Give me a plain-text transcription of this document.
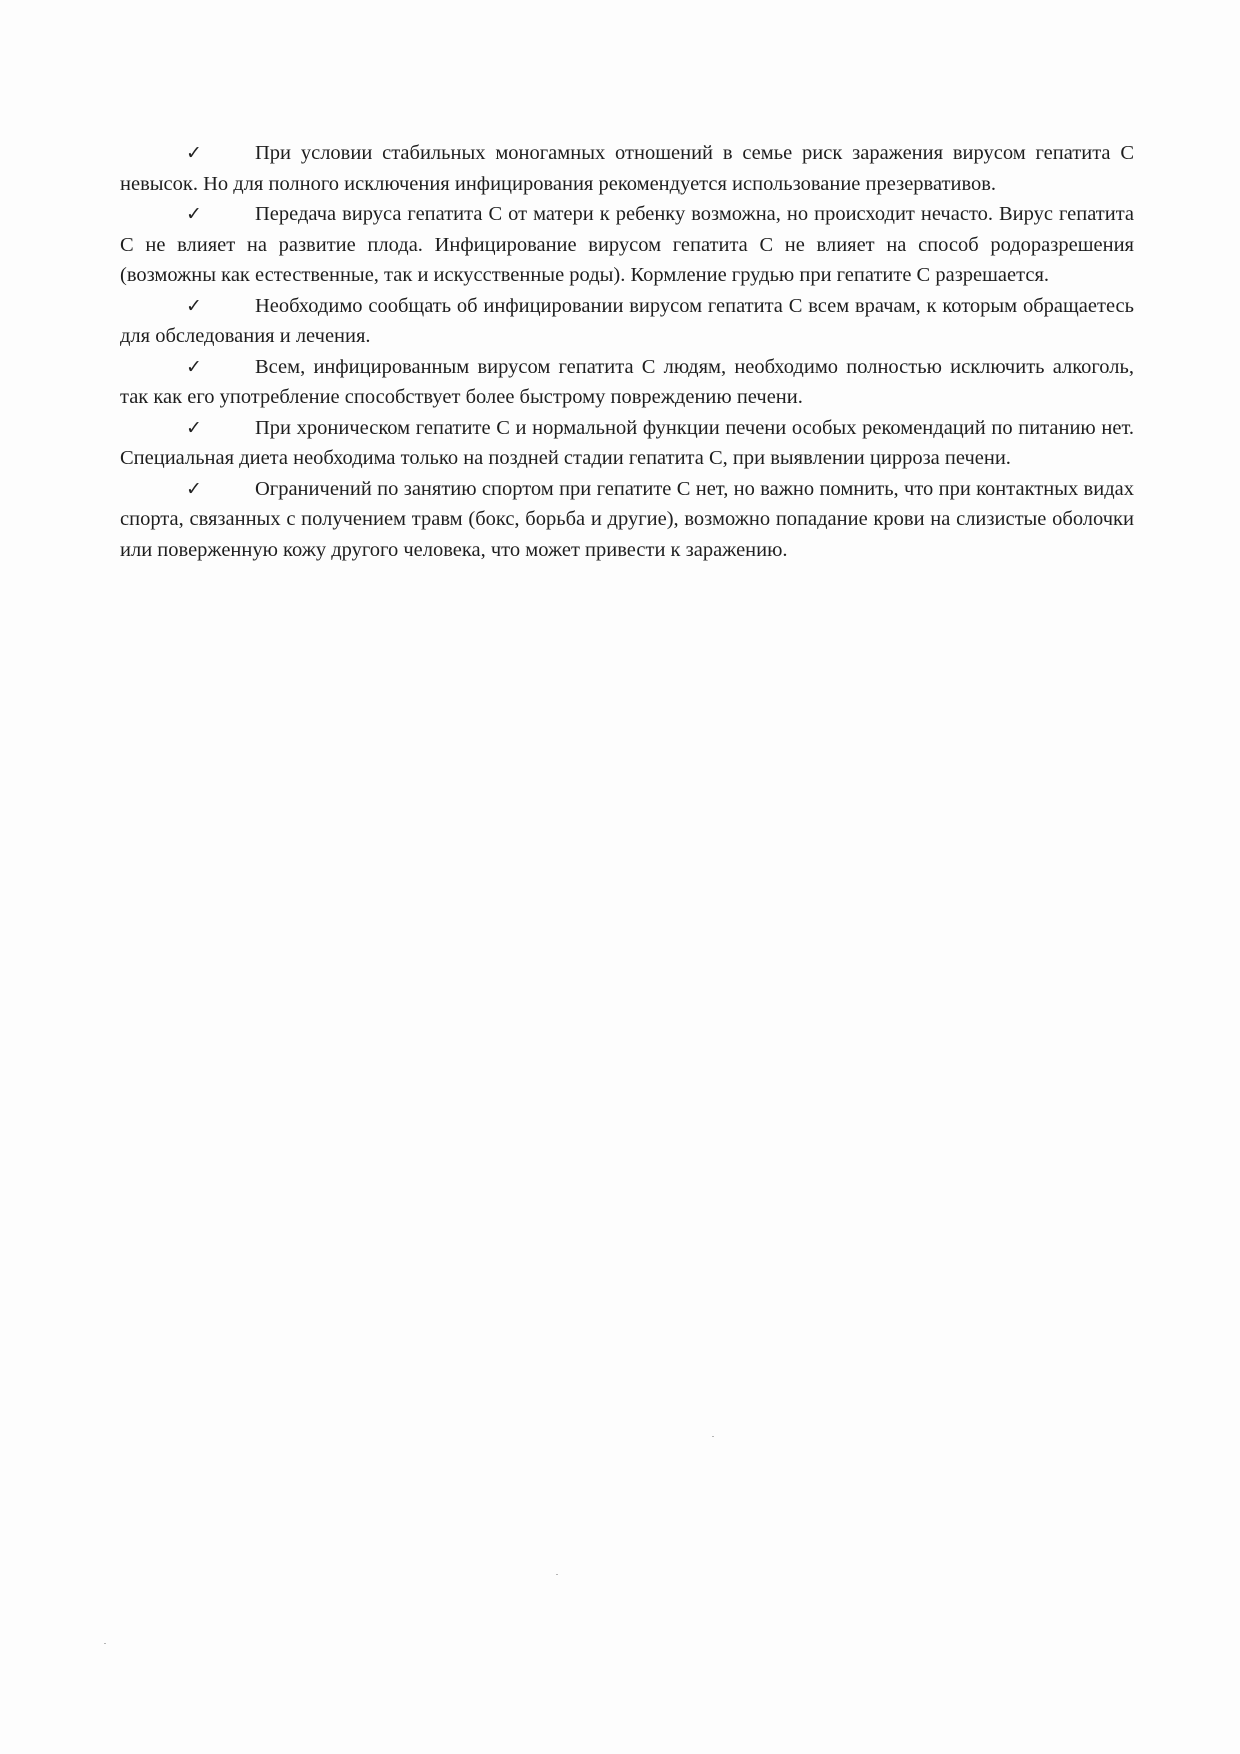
✓	При условии стабильных моногамных отношений в семье риск заражения вирусом гепатита С невысок. Но для полного исключения инфицирования рекомендуется использование презервативов.

✓	Передача вируса гепатита С от матери к ребенку возможна, но происходит нечасто. Вирус гепатита С не влияет на развитие плода. Инфицирование вирусом гепатита С не влияет на способ родоразрешения (возможны как естественные, так и искусственные роды). Кормление грудью при гепатите С разрешается.

✓	Необходимо сообщать об инфицировании вирусом гепатита С всем врачам, к которым обращаетесь для обследования и лечения.

✓	Всем, инфицированным вирусом гепатита С людям, необходимо полностью исключить алкоголь, так как его употребление способствует более быстрому повреждению печени.

✓	При хроническом гепатите С и нормальной функции печени особых рекомендаций по питанию нет. Специальная диета необходима только на поздней стадии гепатита С, при выявлении цирроза печени.

✓	Ограничений по занятию спортом при гепатите С нет, но важно помнить, что при контактных видах спорта, связанных с получением травм (бокс, борьба и другие), возможно попадание крови на слизистые оболочки или поверженную кожу другого человека, что может привести к заражению.
